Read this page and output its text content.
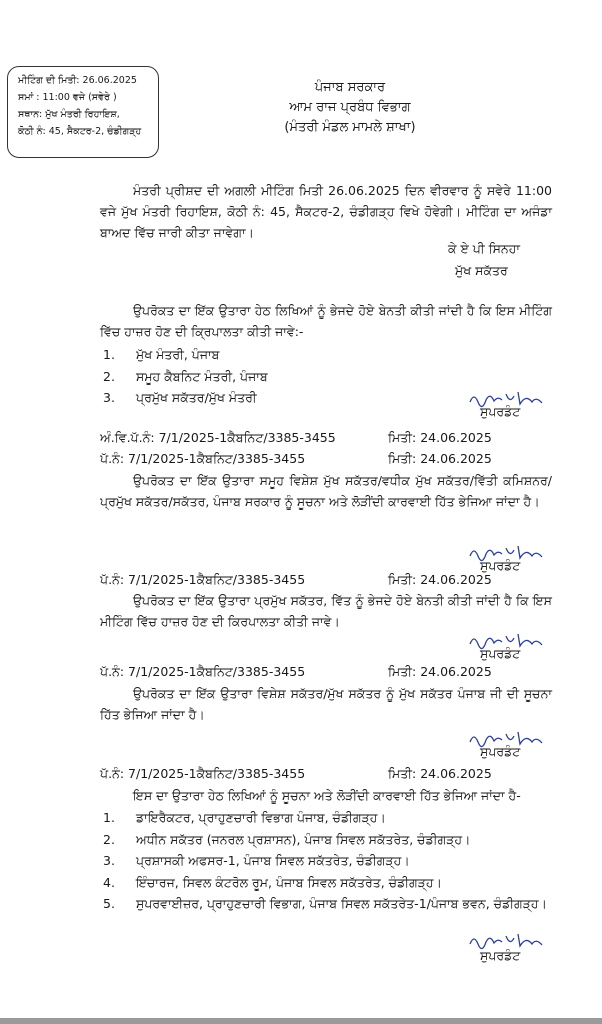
ਮੀਟਿੰਗ ਦੀ ਮਿਤੀ: 26.06.2025
ਸਮਾਂ : 11:00 ਵਜੇ (ਸਵੇਰੇ )
ਸਥਾਨ: ਮੁੱਖ ਮੰਤਰੀ ਰਿਹਾਇਸ਼,
ਕੋਠੀ ਨੰ: 45, ਸੈਕਟਰ-2, ਚੰਡੀਗੜ੍ਹ
ਪੰਜਾਬ ਸਰਕਾਰ
ਆਮ ਰਾਜ ਪ੍ਰਬੰਧ ਵਿਭਾਗ
(ਮੰਤਰੀ ਮੰਡਲ ਮਾਮਲੇ ਸ਼ਾਖਾ)
ਮੰਤਰੀ ਪ੍ਰੀਸ਼ਦ ਦੀ ਅਗਲੀ ਮੀਟਿੰਗ ਮਿਤੀ 26.06.2025 ਦਿਨ ਵੀਰਵਾਰ ਨੂੰ ਸਵੇਰੇ 11:00 ਵਜੇ ਮੁੱਖ ਮੰਤਰੀ ਰਿਹਾਇਸ਼, ਕੋਠੀ ਨੰ: 45, ਸੈਕਟਰ-2, ਚੰਡੀਗੜ੍ਹ ਵਿਖੇ ਹੋਵੇਗੀ। ਮੀਟਿੰਗ ਦਾ ਅਜੰਡਾ ਬਾਅਦ ਵਿੱਚ ਜਾਰੀ ਕੀਤਾ ਜਾਵੇਗਾ।
ਕੇ ਏ ਪੀ ਸਿਨਹਾ
ਮੁੱਖ ਸਕੱਤਰ
ਉਪਰੋਕਤ ਦਾ ਇੱਕ ਉਤਾਰਾ ਹੇਠ ਲਿਖਿਆਂ ਨੂੰ ਭੇਜਦੇ ਹੋਏ ਬੇਨਤੀ ਕੀਤੀ ਜਾਂਦੀ ਹੈ ਕਿ ਇਸ ਮੀਟਿੰਗ ਵਿੱਚ ਹਾਜ਼ਰ ਹੋਣ ਦੀ ਕ੍ਰਿਪਾਲਤਾ ਕੀਤੀ ਜਾਵੇ:-
1.	ਮੁੱਖ ਮੰਤਰੀ, ਪੰਜਾਬ
2.	ਸਮੂਹ ਕੈਬਨਿਟ ਮੰਤਰੀ, ਪੰਜਾਬ
3.	ਪ੍ਰਮੁੱਖ ਸਕੱਤਰ/ਮੁੱਖ ਮੰਤਰੀ
ਸੁਪਰਡੰਟ
ਅੰ.ਵਿ.ਪੱ.ਨੰ: 7/1/2025-1ਕੈਬਨਿਟ/3385-3455	ਮਿਤੀ: 24.06.2025
ਪੱ.ਨੰ: 7/1/2025-1ਕੈਬਨਿਟ/3385-3455	ਮਿਤੀ: 24.06.2025
ਉਪਰੋਕਤ ਦਾ ਇੱਕ ਉਤਾਰਾ ਸਮੂਹ ਵਿਸ਼ੇਸ਼ ਮੁੱਖ ਸਕੱਤਰ/ਵਧੀਕ ਮੁੱਖ ਸਕੱਤਰ/ਵਿੱਤੀ ਕਮਿਸ਼ਨਰ/ਪ੍ਰਮੁੱਖ ਸਕੱਤਰ/ਸਕੱਤਰ, ਪੰਜਾਬ ਸਰਕਾਰ ਨੂੰ ਸੂਚਨਾ ਅਤੇ ਲੋੜੀਂਦੀ ਕਾਰਵਾਈ ਹਿੱਤ ਭੇਜਿਆ ਜਾਂਦਾ ਹੈ।
ਸੁਪਰਡੰਟ
ਪੱ.ਨੰ: 7/1/2025-1ਕੈਬਨਿਟ/3385-3455	ਮਿਤੀ: 24.06.2025
ਉਪਰੋਕਤ ਦਾ ਇੱਕ ਉਤਾਰਾ ਪ੍ਰਮੁੱਖ ਸਕੱਤਰ, ਵਿੱਤ ਨੂੰ ਭੇਜਦੇ ਹੋਏ ਬੇਨਤੀ ਕੀਤੀ ਜਾਂਦੀ ਹੈ ਕਿ ਇਸ ਮੀਟਿੰਗ ਵਿੱਚ ਹਾਜ਼ਰ ਹੋਣ ਦੀ ਕਿਰਪਾਲਤਾ ਕੀਤੀ ਜਾਵੇ।
ਸੁਪਰਡੰਟ
ਪੱ.ਨੰ: 7/1/2025-1ਕੈਬਨਿਟ/3385-3455	ਮਿਤੀ: 24.06.2025
ਉਪਰੋਕਤ ਦਾ ਇੱਕ ਉਤਾਰਾ ਵਿਸ਼ੇਸ਼ ਸਕੱਤਰ/ਮੁੱਖ ਸਕੱਤਰ ਨੂੰ ਮੁੱਖ ਸਕੱਤਰ ਪੰਜਾਬ ਜੀ ਦੀ ਸੂਚਨਾ ਹਿੱਤ ਭੇਜਿਆ ਜਾਂਦਾ ਹੈ।
ਸੁਪਰਡੰਟ
ਪੱ.ਨੰ: 7/1/2025-1ਕੈਬਨਿਟ/3385-3455	ਮਿਤੀ: 24.06.2025
ਇਸ ਦਾ ਉਤਾਰਾ ਹੇਠ ਲਿਖਿਆਂ ਨੂੰ ਸੂਚਨਾ ਅਤੇ ਲੋੜੀਂਦੀ ਕਾਰਵਾਈ ਹਿੱਤ ਭੇਜਿਆ ਜਾਂਦਾ ਹੈ-
1.	ਡਾਇਰੈਕਟਰ, ਪ੍ਰਾਹੁਣਚਾਰੀ ਵਿਭਾਗ ਪੰਜਾਬ, ਚੰਡੀਗੜ੍ਹ।
2.	ਅਧੀਨ ਸਕੱਤਰ (ਜਨਰਲ ਪ੍ਰਸ਼ਾਸਨ), ਪੰਜਾਬ ਸਿਵਲ ਸਕੱਤਰੇਤ, ਚੰਡੀਗੜ੍ਹ।
3.	ਪ੍ਰਸ਼ਾਸਕੀ ਅਫਸਰ-1, ਪੰਜਾਬ ਸਿਵਲ ਸਕੱਤਰੇਤ, ਚੰਡੀਗੜ੍ਹ।
4.	ਇੰਚਾਰਜ, ਸਿਵਲ ਕੰਟਰੋਲ ਰੂਮ, ਪੰਜਾਬ ਸਿਵਲ ਸਕੱਤਰੇਤ, ਚੰਡੀਗੜ੍ਹ।
5.	ਸੁਪਰਵਾਈਜ਼ਰ, ਪ੍ਰਾਹੁਣਚਾਰੀ ਵਿਭਾਗ, ਪੰਜਾਬ ਸਿਵਲ ਸਕੱਤਰੇਤ-1/ਪੰਜਾਬ ਭਵਨ, ਚੰਡੀਗੜ੍ਹ।
ਸੁਪਰਡੰਟ
